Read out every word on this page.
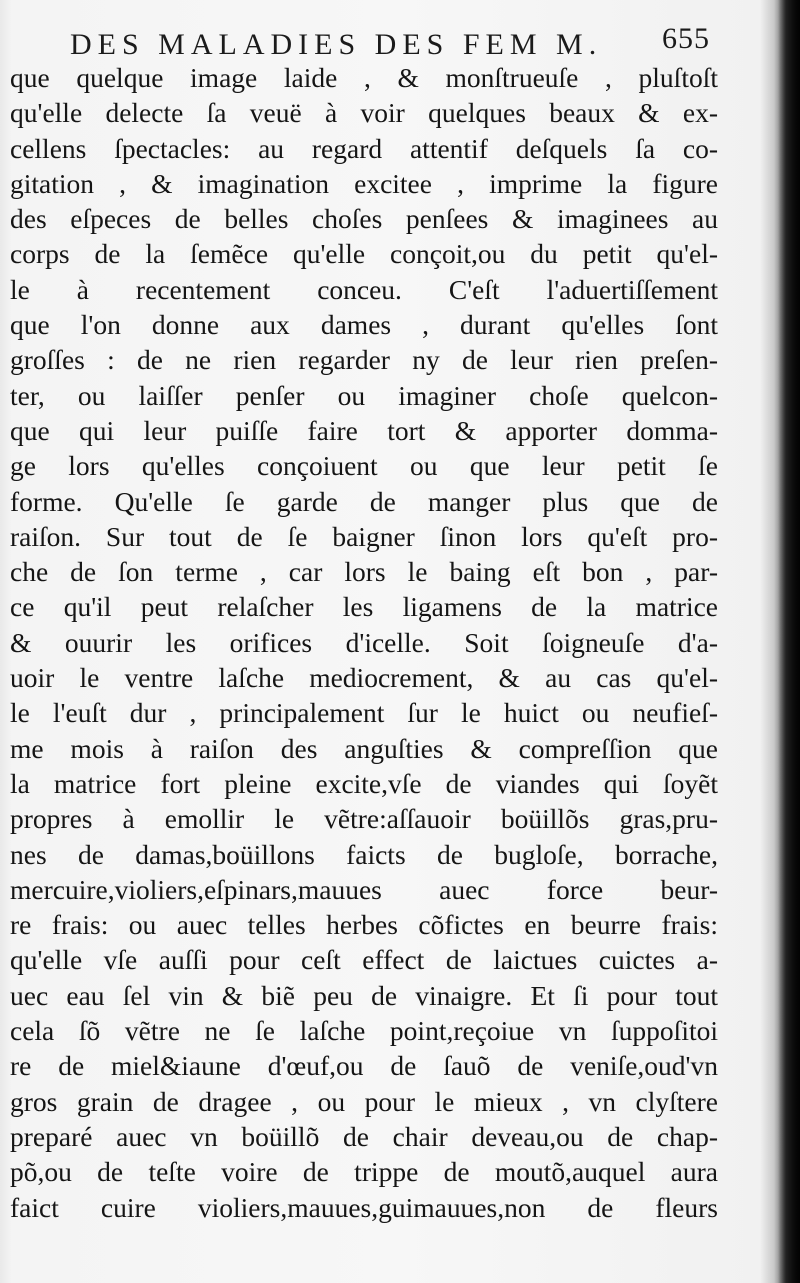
DES MALADIES DES FEM M. 655
que quelque image laide , & monſtrueuſe , pluſtoſt
qu'elle delecte ſa veuë à voir quelques beaux & ex-
cellens ſpectacles: au regard attentif deſquels ſa co-
gitation , & imagination excitee , imprime la figure
des eſpeces de belles choſes penſees & imaginees au
corps de la ſemẽce qu'elle conçoit,ou du petit qu'el-
le à recentement conceu. C'eſt l'aduertiſſement
que l'on donne aux dames , durant qu'elles ſont
groſſes : de ne rien regarder ny de leur rien preſen-
ter, ou laiſſer penſer ou imaginer choſe quelcon-
que qui leur puiſſe faire tort & apporter domma-
ge lors qu'elles conçoiuent ou que leur petit ſe
forme. Qu'elle ſe garde de manger plus que de
raiſon. Sur tout de ſe baigner ſinon lors qu'eſt pro-
che de ſon terme , car lors le baing eſt bon , par-
ce qu'il peut relaſcher les ligamens de la matrice
& ouurir les orifices d'icelle. Soit ſoigneuſe d'a-
uoir le ventre laſche mediocrement, & au cas qu'el-
le l'euſt dur , principalement ſur le huict ou neufieſ-
me mois à raiſon des anguſties & compreſſion que
la matrice fort pleine excite,vſe de viandes qui ſoyẽt
propres à emollir le vẽtre:aſſauoir boüillõs gras,pru-
nes de damas,boüillons faicts de bugloſe, borrache,
mercuire,violiers,eſpinars,mauues auec force beur-
re frais: ou auec telles herbes cõfictes en beurre frais:
qu'elle vſe auſſi pour ceſt effect de laictues cuictes a-
uec eau ſel vin & biẽ peu de vinaigre. Et ſi pour tout
cela ſõ vẽtre ne ſe laſche point,reçoiue vn ſuppoſitoi
re de miel&iaune d'œuf,ou de ſauõ de veniſe,oud'vn
gros grain de dragee , ou pour le mieux , vn clyſtere
preparé auec vn boüillõ de chair deveau,ou de chap-
põ,ou de teſte voire de trippe de moutõ,auquel aura
faict cuire violiers,mauues,guimauues,non de fleurs
